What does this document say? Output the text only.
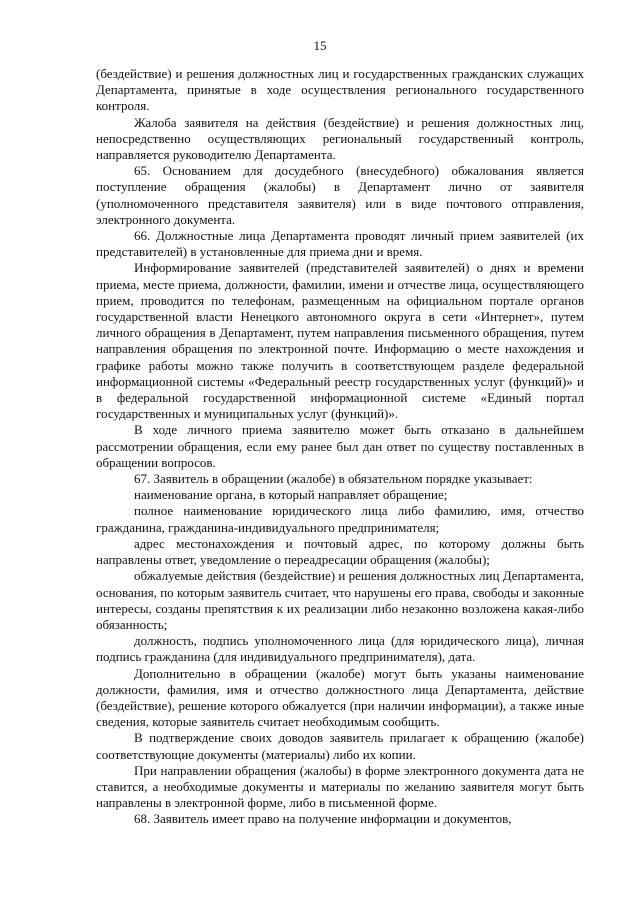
15

(бездействие) и решения должностных лиц и государственных гражданских служащих Департамента, принятые в ходе осуществления регионального государственного контроля.

Жалоба заявителя на действия (бездействие) и решения должностных лиц, непосредственно осуществляющих региональный государственный контроль, направляется руководителю Департамента.

65. Основанием для досудебного (внесудебного) обжалования является поступление обращения (жалобы) в Департамент лично от заявителя (уполномоченного представителя заявителя) или в виде почтового отправления, электронного документа.

66. Должностные лица Департамента проводят личный прием заявителей (их представителей) в установленные для приема дни и время.

Информирование заявителей (представителей заявителей) о днях и времени приема, месте приема, должности, фамилии, имени и отчестве лица, осуществляющего прием, проводится по телефонам, размещенным на официальном портале органов государственной власти Ненецкого автономного округа в сети «Интернет», путем личного обращения в Департамент, путем направления письменного обращения, путем направления обращения по электронной почте. Информацию о месте нахождения и графике работы можно также получить в соответствующем разделе федеральной информационной системы «Федеральный реестр государственных услуг (функций)» и в федеральной государственной информационной системе «Единый портал государственных и муниципальных услуг (функций)».

В ходе личного приема заявителю может быть отказано в дальнейшем рассмотрении обращения, если ему ранее был дан ответ по существу поставленных в обращении вопросов.

67. Заявитель в обращении (жалобе) в обязательном порядке указывает:

наименование органа, в который направляет обращение;

полное наименование юридического лица либо фамилию, имя, отчество гражданина, гражданина-индивидуального предпринимателя;

адрес местонахождения и почтовый адрес, по которому должны быть направлены ответ, уведомление о переадресации обращения (жалобы);

обжалуемые действия (бездействие) и решения должностных лиц Департамента, основания, по которым заявитель считает, что нарушены его права, свободы и законные интересы, созданы препятствия к их реализации либо незаконно возложена какая-либо обязанность;

должность, подпись уполномоченного лица (для юридического лица), личная подпись гражданина (для индивидуального предпринимателя), дата.

Дополнительно в обращении (жалобе) могут быть указаны наименование должности, фамилия, имя и отчество должностного лица Департамента, действие (бездействие), решение которого обжалуется (при наличии информации), а также иные сведения, которые заявитель считает необходимым сообщить.

В подтверждение своих доводов заявитель прилагает к обращению (жалобе) соответствующие документы (материалы) либо их копии.

При направлении обращения (жалобы) в форме электронного документа дата не ставится, а необходимые документы и материалы по желанию заявителя могут быть направлены в электронной форме, либо в письменной форме.

68. Заявитель имеет право на получение информации и документов,
